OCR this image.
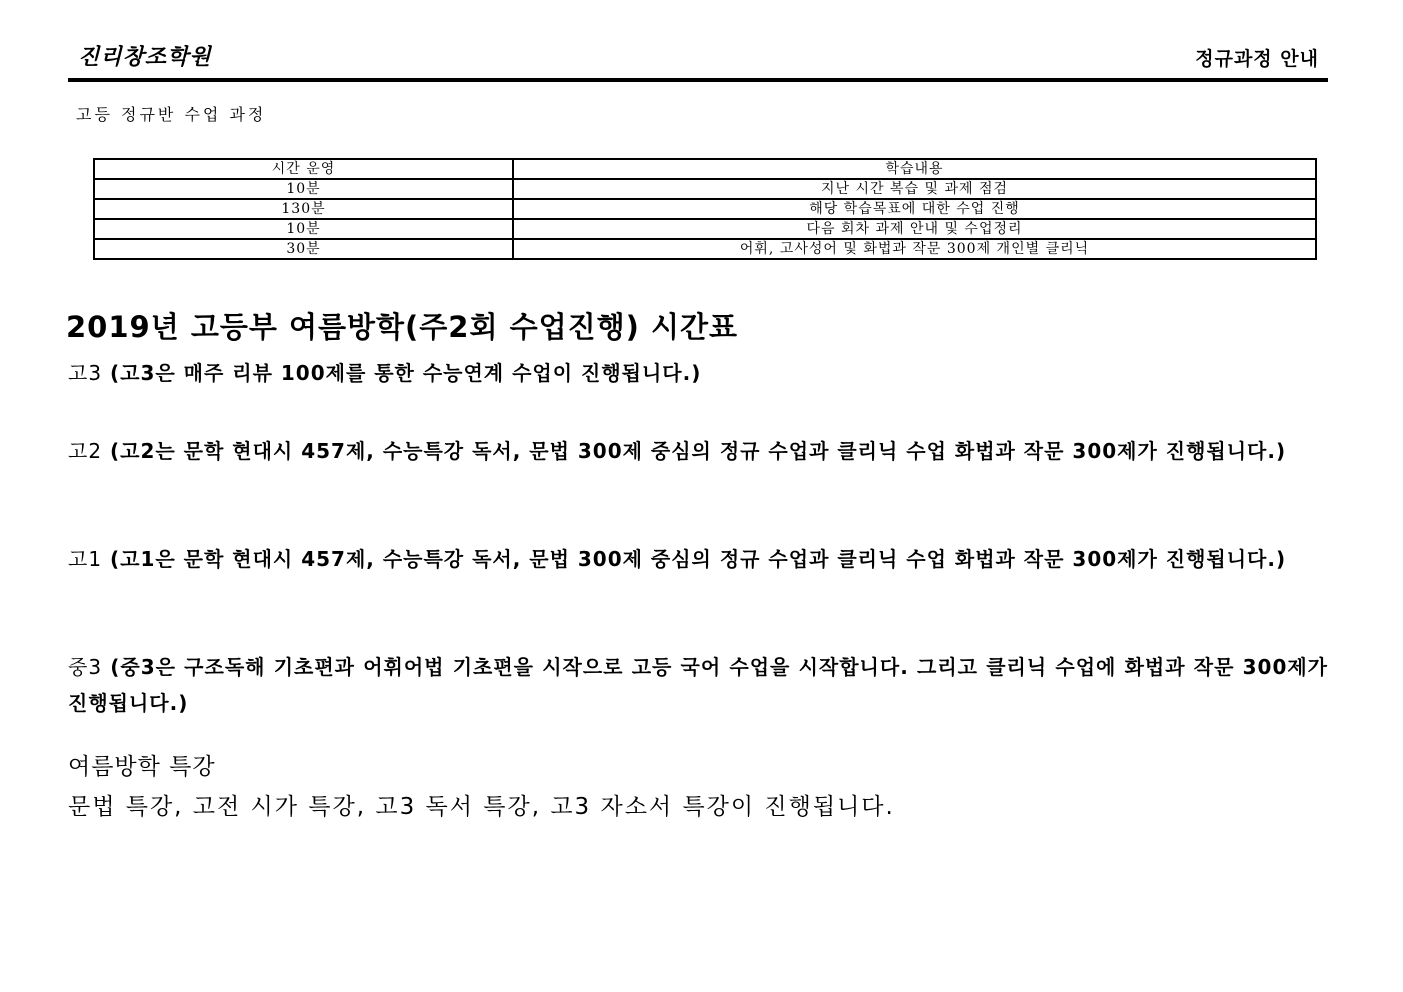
진리창조학원	정규과정 안내
고등 정규반 수업 과정
시간 운영	학습내용
10분	지난 시간 복습 및 과제 점검
130분	해당 학습목표에 대한 수업 진행
10분	다음 회차 과제 안내 및 수업정리
30분	어휘, 고사성어 및 화법과 작문 300제 개인별 클리닉
2019년 고등부 여름방학(주2회 수업진행) 시간표
고3 (고3은 매주 리뷰 100제를 통한 수능연계 수업이 진행됩니다.)
고2 (고2는 문학 현대시 457제, 수능특강 독서, 문법 300제 중심의 정규 수업과 클리닉 수업 화법과 작문 300제가 진행됩니다.)
고1 (고1은 문학 현대시 457제, 수능특강 독서, 문법 300제 중심의 정규 수업과 클리닉 수업 화법과 작문 300제가 진행됩니다.)
중3 (중3은 구조독해 기초편과 어휘어법 기초편을 시작으로 고등 국어 수업을 시작합니다. 그리고 클리닉 수업에 화법과 작문 300제가 진행됩니다.)
여름방학 특강
문법 특강, 고전 시가 특강, 고3 독서 특강, 고3 자소서 특강이 진행됩니다.
